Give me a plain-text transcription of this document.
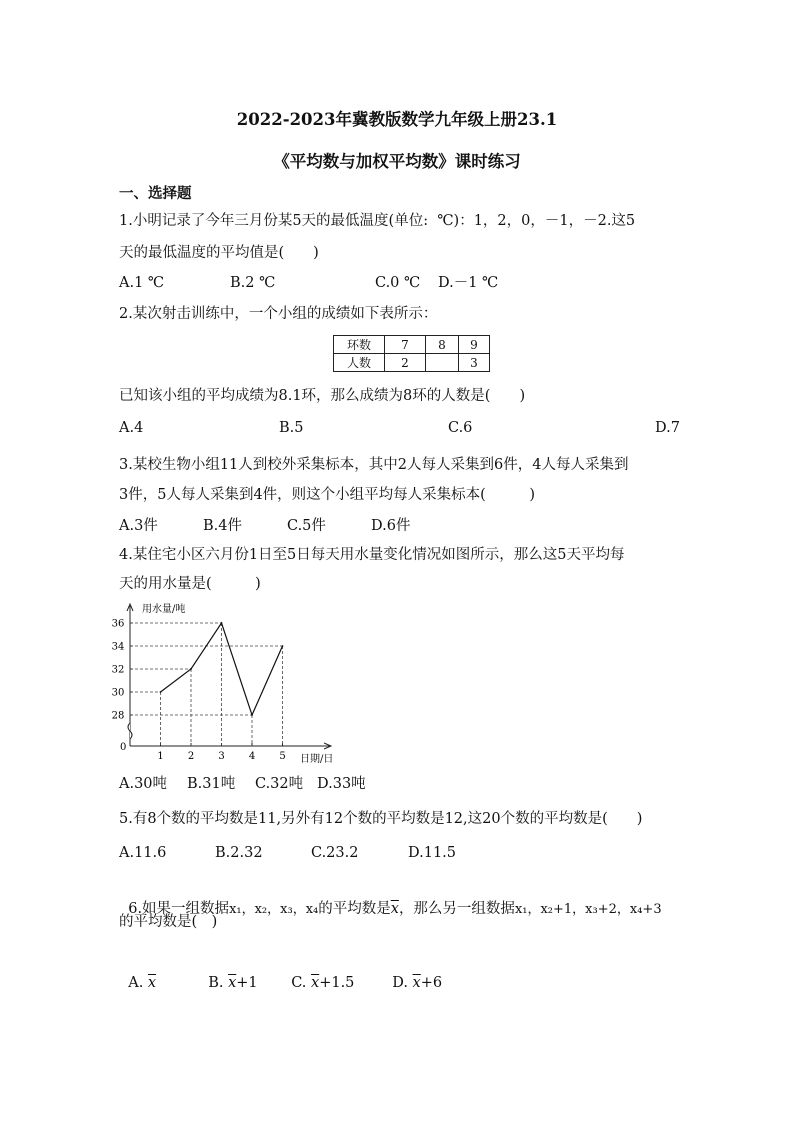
2022-2023年冀教版数学九年级上册23.1
《平均数与加权平均数》课时练习
一、选择题
1.小明记录了今年三月份某5天的最低温度(单位:  ℃)：1，2，0，－1，－2.这5
天的最低温度的平均值是(　　)
A.1 ℃	B.2 ℃	C.0 ℃ D.－1 ℃
2.某次射击训练中，一个小组的成绩如下表所示：
环数	7	8	9
人数	2		3
已知该小组的平均成绩为8.1环，那么成绩为8环的人数是(　　)
A.4	B.5	C.6	D.7
3.某校生物小组11人到校外采集标本，其中2人每人采集到6件，4人每人采集到
3件，5人每人采集到4件，则这个小组平均每人采集标本(　　　)
A.3件	B.4件	C.5件	D.6件
4.某住宅小区六月份1日至5日每天用水量变化情况如图所示，那么这5天平均每
天的用水量是(　　　)
用水量/吨
日期/日
0
28
30
32
34
36
1 2 3 4 5
A.30吨 B.31吨 C.32吨 D.33吨
5.有8个数的平均数是11,另外有12个数的平均数是12,这20个数的平均数是(　　)
A.11.6	B.2.32	C.23.2	D.11.5

6.如果一组数据x₁，x₂，x₃，x₄的平均数是$\overline{x}$，那么另一组数据x₁，x₂+1，x₃+2，x₄+3

的平均数是(　)

A. $\overline{x}$	B. $\overline{x}+1$	C. $\overline{x}+1.5$	D. $\overline{x}+6$
